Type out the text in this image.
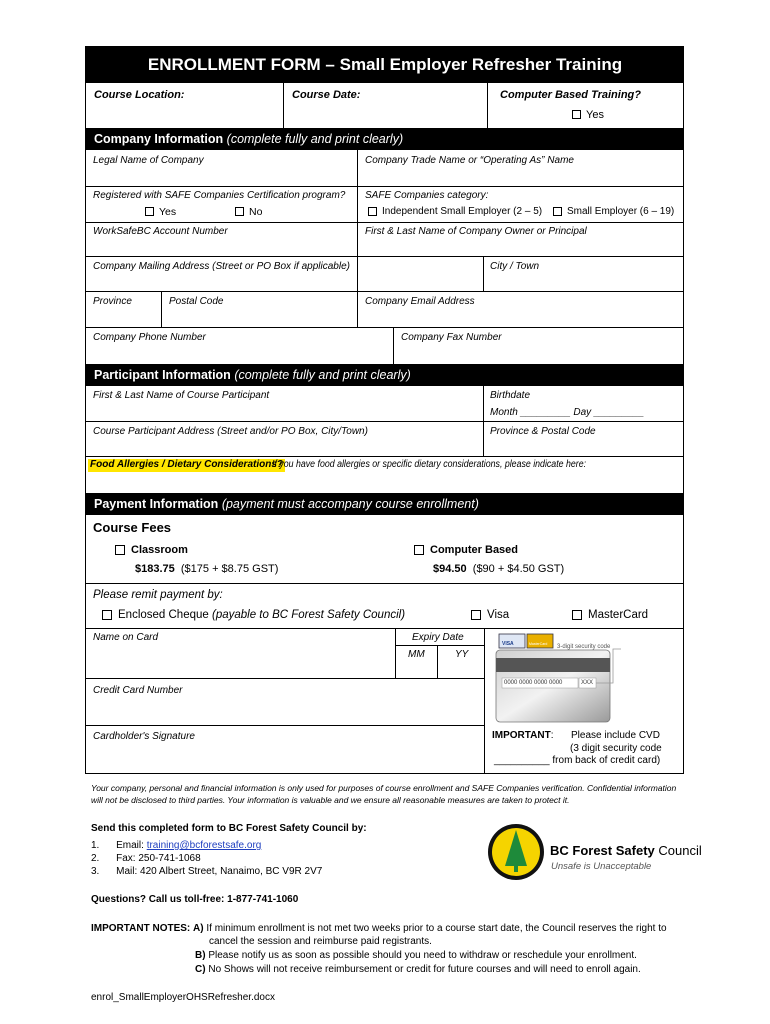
ENROLLMENT FORM – Small Employer Refresher Training
Course Location:	Course Date:	Computer Based Training?
Yes
Company Information (complete fully and print clearly)
Legal Name of Company	Company Trade Name or “Operating As” Name
Registered with SAFE Companies Certification program?
Yes	No
SAFE Companies category:
Independent Small Employer (2 – 5) Small Employer (6 – 19)
WorkSafeBC Account Number	First & Last Name of Company Owner or Principal
Company Mailing Address (Street or PO Box if applicable)	City / Town
Province	Postal Code	Company Email Address
Company Phone Number	Company Fax Number
Participant Information (complete fully and print clearly)
First & Last Name of Course Participant	Birthdate
Month _________ Day _________
Course Participant Address (Street and/or PO Box, City/Town)	Province & Postal Code
Food Allergies / Dietary Considerations?
If you have food allergies or specific dietary considerations, please indicate here:
Payment Information (payment must accompany course enrollment)
Course Fees
Classroom
$183.75 ($175 + $8.75 GST)
Computer Based
$94.50 ($90 + $4.50 GST)
Please remit payment by:
Enclosed Cheque (payable to BC Forest Safety Council)	Visa	MasterCard
Name on Card	Expiry Date
MM	YY
Credit Card Number
Cardholder's Signature
VISA	MasterCard 3-digit security code
0000 0000 0000 0000	XXX
IMPORTANT: Please include CVD
(3 digit security code
__________ from back of credit card)
Your company, personal and financial information is only used for purposes of course enrollment and SAFE Companies verification. Confidential information will not be disclosed to third parties. Your information is valuable and we ensure all reasonable measures are taken to protect it.
Send this completed form to BC Forest Safety Council by:
1. Email: training@bcforestsafe.org
2. Fax: 250-741-1068
3. Mail: 420 Albert Street, Nanaimo, BC V9R 2V7
Questions? Call us toll-free: 1-877-741-1060
BC Forest Safety Council
Unsafe is Unacceptable
IMPORTANT NOTES: A) If minimum enrollment is not met two weeks prior to a course start date, the Council reserves the right to
cancel the session and reimburse paid registrants.
B) Please notify us as soon as possible should you need to withdraw or reschedule your enrollment.
C) No Shows will not receive reimbursement or credit for future courses and will need to enroll again.
enrol_SmallEmployerOHSRefresher.docx
